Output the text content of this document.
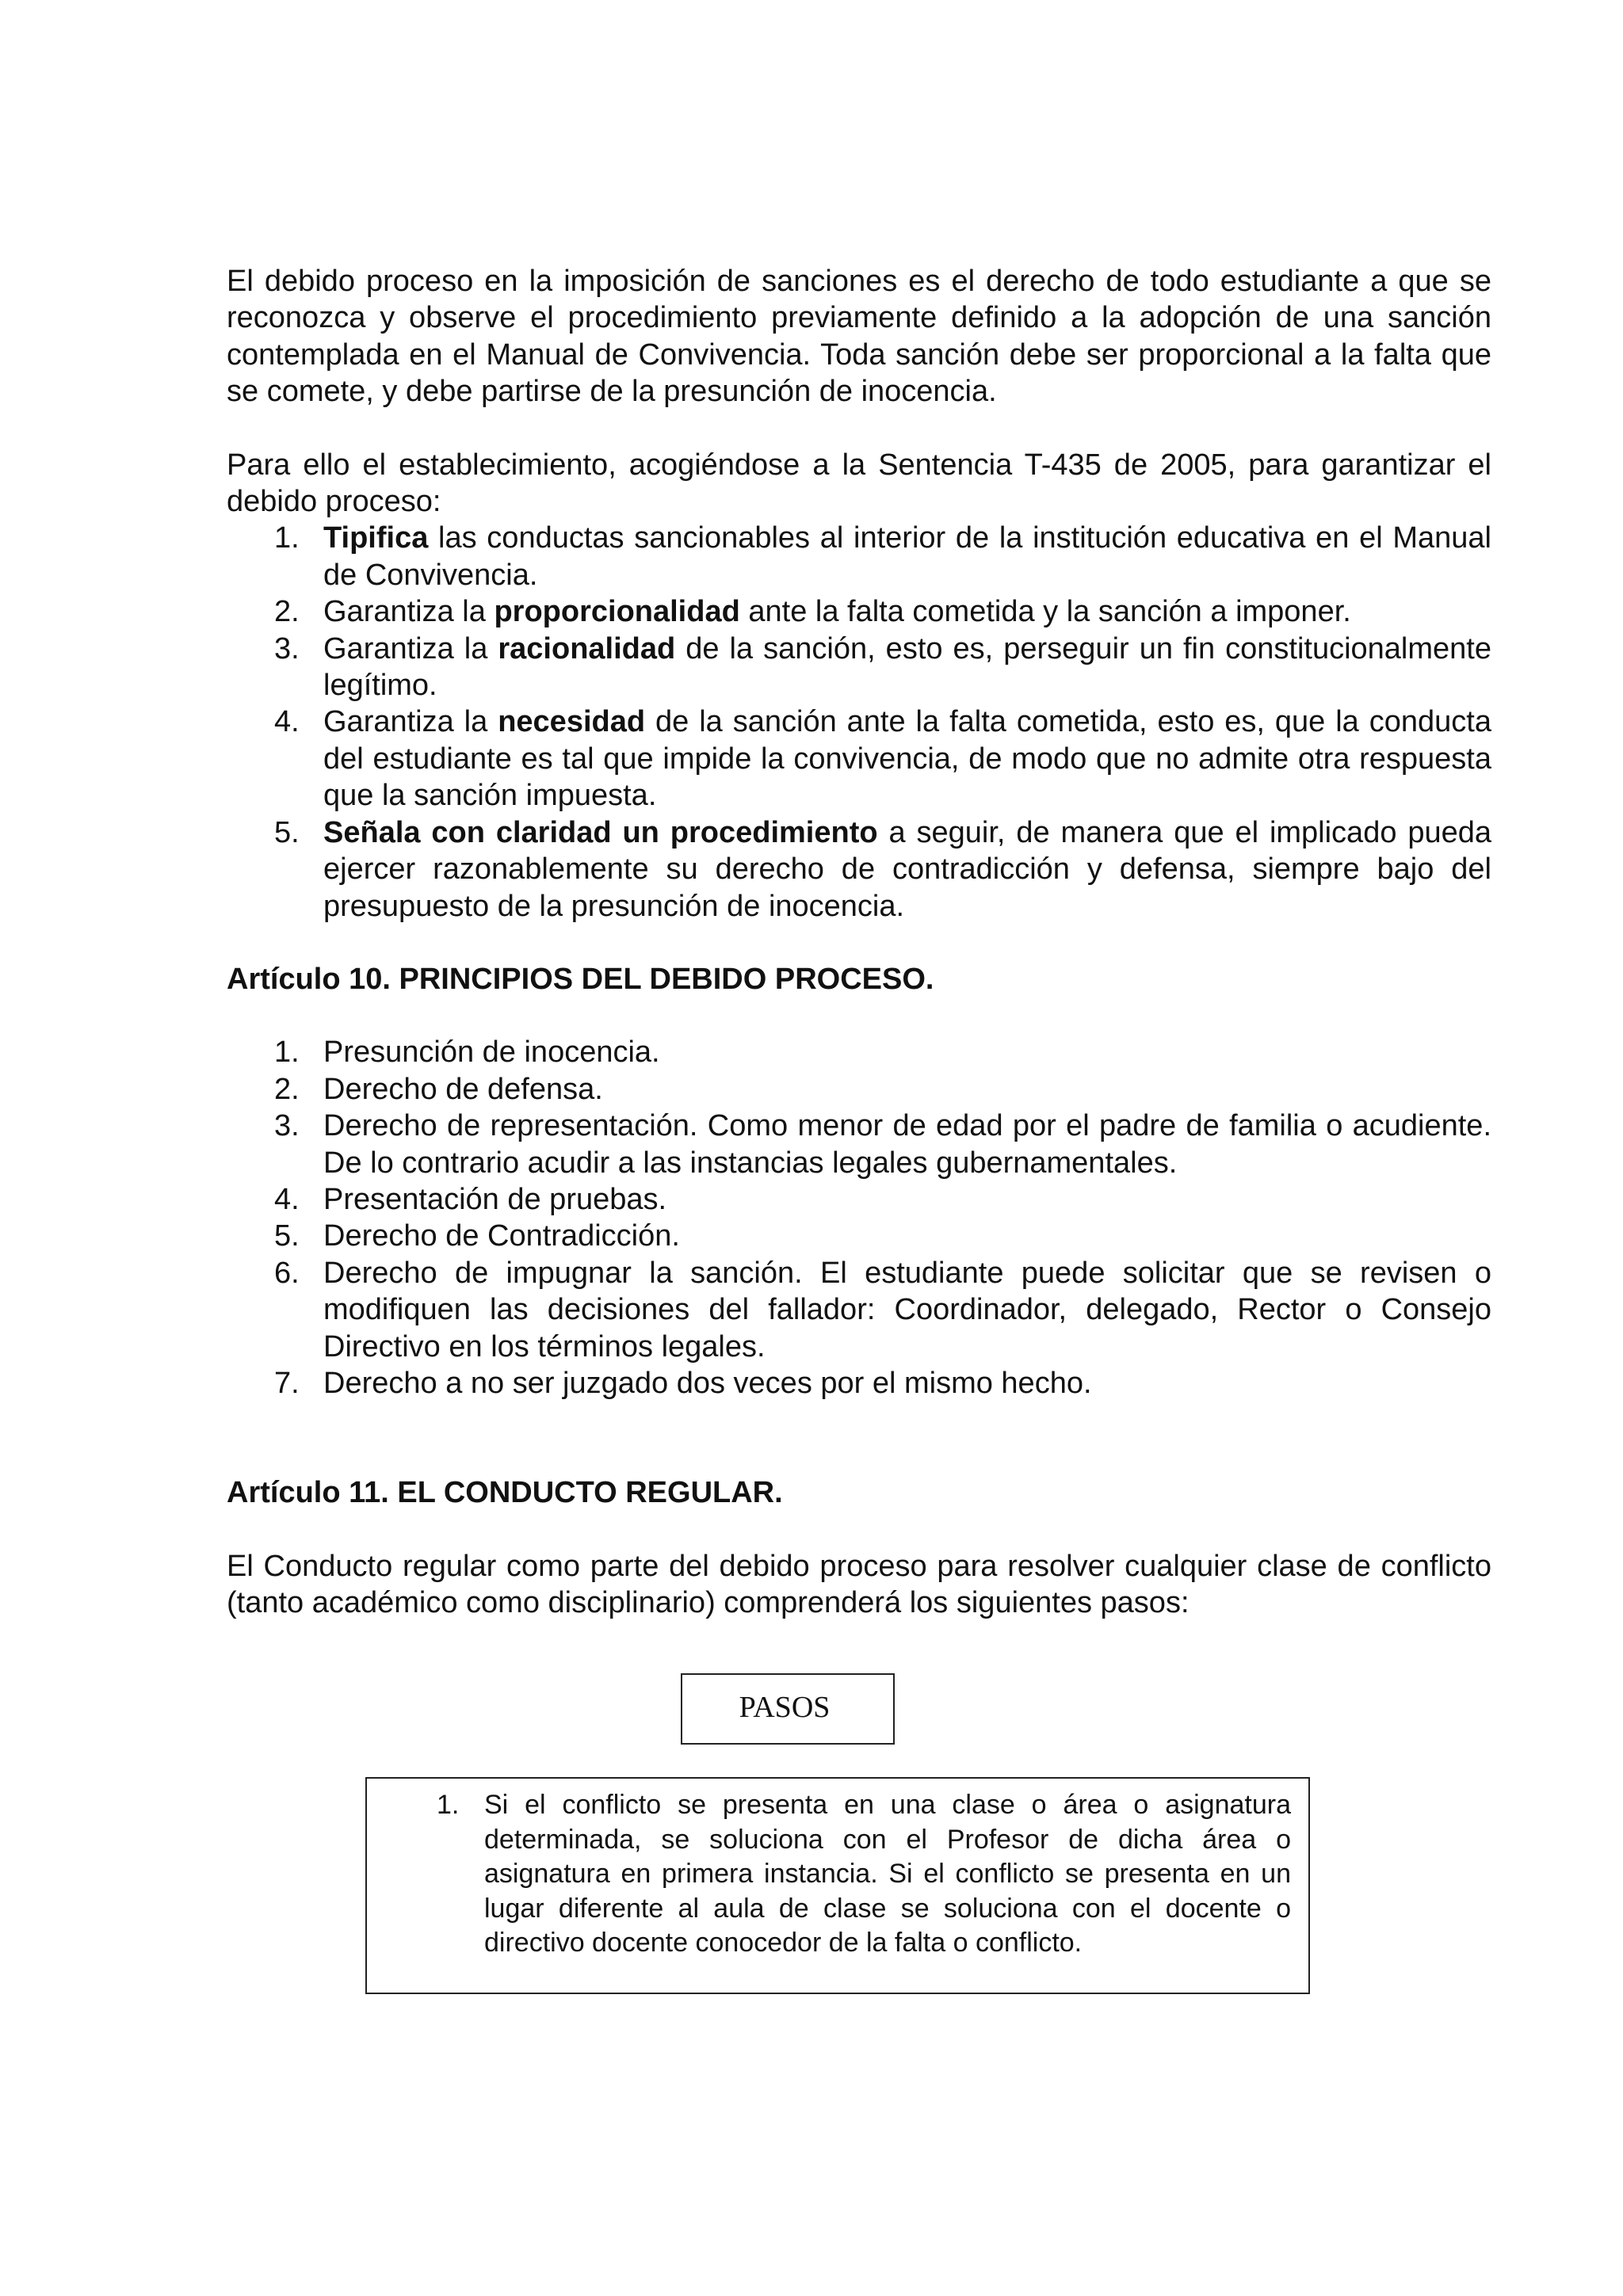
El debido proceso en la imposición de sanciones es el derecho de todo estudiante a que se reconozca y observe el procedimiento previamente definido a la adopción de una sanción contemplada en el Manual de Convivencia. Toda sanción debe ser proporcional a la falta que se comete, y debe partirse de la presunción de inocencia.

Para ello el establecimiento, acogiéndose a la Sentencia T-435 de 2005, para garantizar el debido proceso:

1. Tipifica las conductas sancionables al interior de la institución educativa en el Manual de Convivencia.
2. Garantiza la proporcionalidad ante la falta cometida y la sanción a imponer.
3. Garantiza la racionalidad de la sanción, esto es, perseguir un fin constitucionalmente legítimo.
4. Garantiza la necesidad de la sanción ante la falta cometida, esto es, que la conducta del estudiante es tal que impide la convivencia, de modo que no admite otra respuesta que la sanción impuesta.
5. Señala con claridad un procedimiento a seguir, de manera que el implicado pueda ejercer razonablemente su derecho de contradicción y defensa, siempre bajo del presupuesto de la presunción de inocencia.

Artículo 10. PRINCIPIOS DEL DEBIDO PROCESO.

1. Presunción de inocencia.
2. Derecho de defensa.
3. Derecho de representación. Como menor de edad por el padre de familia o acudiente. De lo contrario acudir a las instancias legales gubernamentales.
4. Presentación de pruebas.
5. Derecho de Contradicción.
6. Derecho de impugnar la sanción. El estudiante puede solicitar que se revisen o modifiquen las decisiones del fallador: Coordinador, delegado, Rector o Consejo Directivo en los términos legales.
7. Derecho a no ser juzgado dos veces por el mismo hecho.

Artículo 11. EL CONDUCTO REGULAR.

El Conducto regular como parte del debido proceso para resolver cualquier clase de conflicto (tanto académico como disciplinario) comprenderá los siguientes pasos:

PASOS
1. Si el conflicto se presenta en una clase o área o asignatura determinada, se soluciona con el Profesor de dicha área o asignatura en primera instancia. Si el conflicto se presenta en un lugar diferente al aula de clase se soluciona con el docente o directivo docente conocedor de la falta o conflicto.
